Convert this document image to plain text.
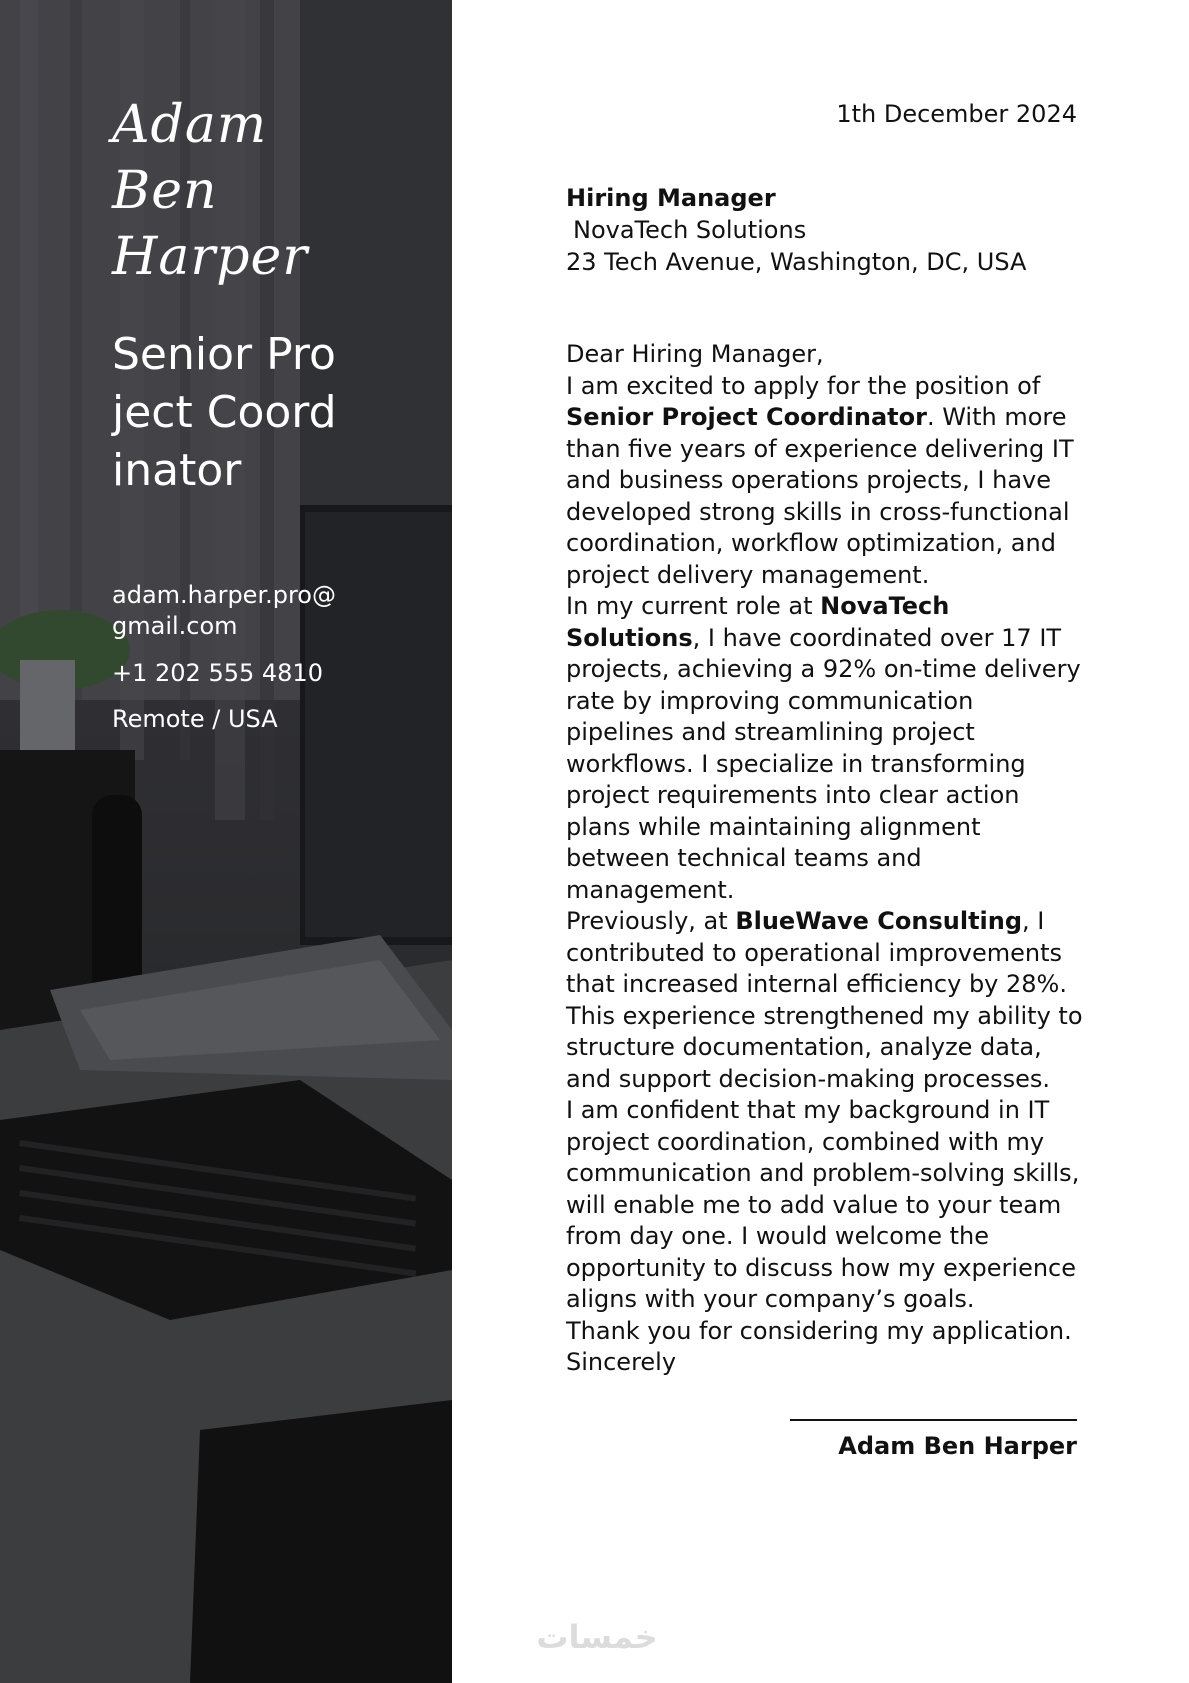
Adam
Ben
Harper
Senior Project Coordinator
adam.harper.pro@gmail.com
+1 202 555 4810
Remote / USA
1th December 2024
Hiring Manager
NovaTech Solutions
23 Tech Avenue, Washington, DC, USA

Dear Hiring Manager,

I am excited to apply for the position of Senior Project Coordinator. With more than five years of experience delivering IT and business operations projects, I have developed strong skills in cross-functional coordination, workflow optimization, and project delivery management.

In my current role at NovaTech Solutions, I have coordinated over 17 IT projects, achieving a 92% on-time delivery rate by improving communication pipelines and streamlining project workflows. I specialize in transforming project requirements into clear action plans while maintaining alignment between technical teams and management.

Previously, at BlueWave Consulting, I contributed to operational improvements that increased internal efficiency by 28%. This experience strengthened my ability to structure documentation, analyze data, and support decision-making processes.

I am confident that my background in IT project coordination, combined with my communication and problem-solving skills, will enable me to add value to your team from day one. I would welcome the opportunity to discuss how my experience aligns with your company’s goals.

Thank you for considering my application.

Sincerely

Adam Ben Harper
خمسات
